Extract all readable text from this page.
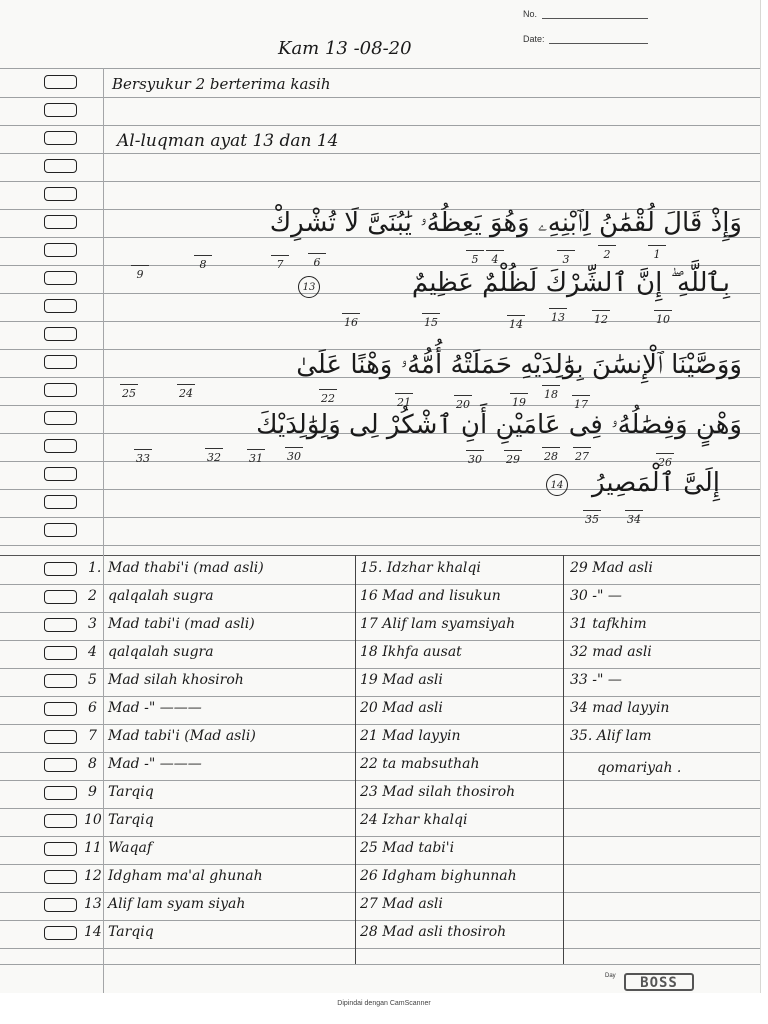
No.
Date:
Kam 13 -08-20
Bersyukur 2 berterima kasih
Al-luqman ayat 13 dan 14
وَإِذْ قَالَ لُقْمَٰنُ لِٱبْنِهِۦ وَهُوَ يَعِظُهُۥ يَٰبُنَىَّ لَا تُشْرِكْ
بِٱللَّهِ ۖ إِنَّ ٱلشِّرْكَ لَظُلْمٌ عَظِيمٌ
13
وَوَصَّيْنَا ٱلْإِنسَٰنَ بِوَٰلِدَيْهِ حَمَلَتْهُ أُمُّهُۥ وَهْنًا عَلَىٰ
وَهْنٍ وَفِصَٰلُهُۥ فِى عَامَيْنِ أَنِ ٱشْكُرْ لِى وَلِوَٰلِدَيْكَ
إِلَىَّ ٱلْمَصِيرُ
14
9
8	7	6	5	4	3	2	1
16	15	14
13	12	10
25	24	22	21	20	19
18
17
33	32	31	30	30	29	28	27	26
35	34
1. Mad thabi'i (mad asli)
2 qalqalah sugra
3 Mad tabi'i (mad asli)
4 qalqalah sugra
5 Mad silah khosiroh
6 Mad -" ———
7 Mad tabi'i (Mad asli)
8 Mad -" ———
9 Tarqiq
10 Tarqiq
11 Waqaf
12 Idgham ma'al ghunah
13 Alif lam syam siyah
14 Tarqiq
15. Idzhar khalqi
16 Mad and lisukun
17 Alif lam syamsiyah
18 Ikhfa ausat
19 Mad asli
20 Mad asli
21 Mad layyin
22 ta mabsuthah
23 Mad silah thosiroh
24 Izhar khalqi
25 Mad tabi'i
26 Idgham bighunnah
27 Mad asli
28 Mad asli thosiroh
29 Mad asli
30 -" —
31 tafkhim
32 mad asli
33 -" —
34 mad layyin
35. Alif lam
qomariyah .
Day	BOSS
Dipindai dengan CamScanner
